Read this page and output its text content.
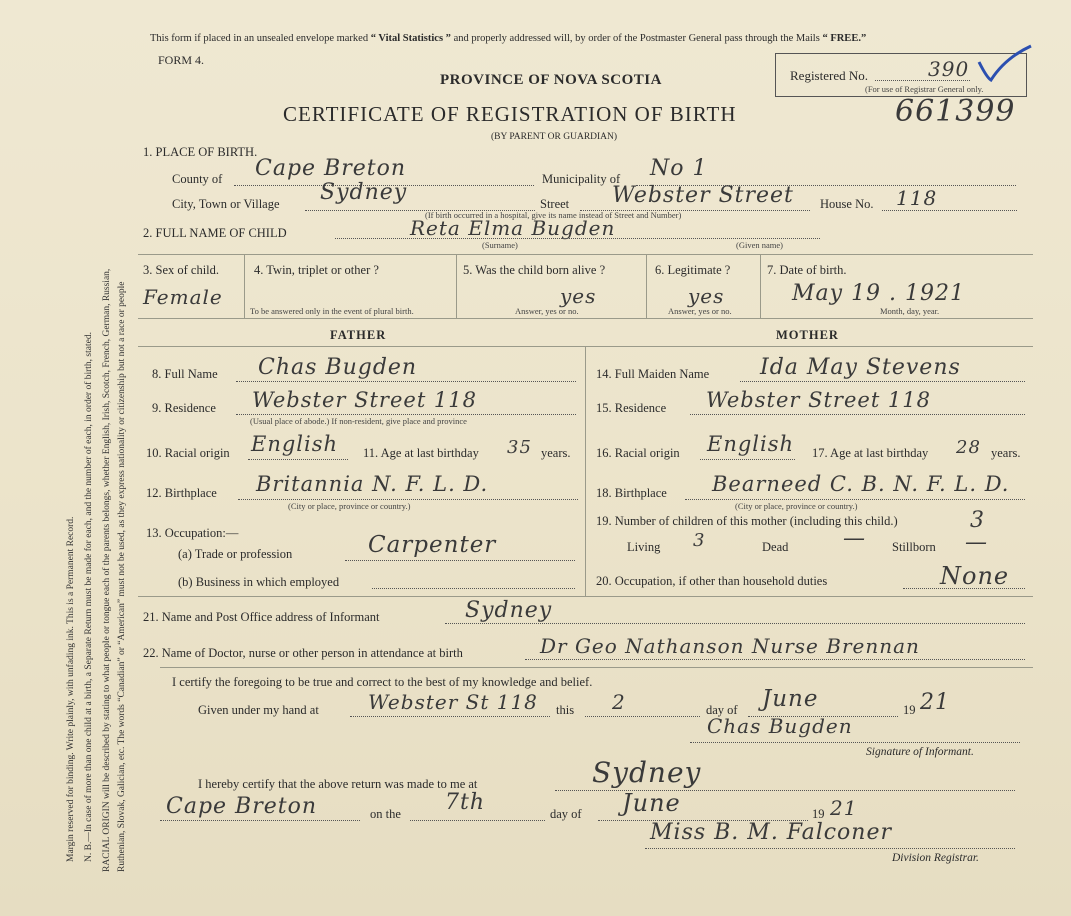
Margin reserved for binding. Write plainly, with unfading ink. This is a Permanent Record. N. B.—In case of more than one child at a birth, a Separate Return must be made for each, and the number of each, in order of birth, stated. RACIAL ORIGIN will be described by stating to what people or tongue each of the parents belongs, whether English, Irish, Scotch, French, German, Russian, Ruthenian, Slovak, Galician, etc. The words “Canadian” or “American” must not be used, as they express nationality or citizenship but not a race or people
This form if placed in an unsealed envelope marked “ Vital Statistics ” and properly addressed will, by order of the Postmaster General pass through the Mails “ FREE.”
FORM 4.
PROVINCE OF NOVA SCOTIA
CERTIFICATE OF REGISTRATION OF BIRTH	661399
(BY PARENT OR GUARDIAN)
Registered No.	390
(For use of Registrar General only.
1. PLACE OF BIRTH.
County of Cape Breton	Municipality of No 1
City, Town or Village Sydney	Street Webster Street House No. 118
(If birth occurred in a hospital, give its name instead of Street and Number)
2. FULL NAME OF CHILD	Reta Elma Bugden
(Surname)	(Given name)
3. Sex of child.
Female
4. Twin, triplet or other ?
To be answered only in the event of plural birth.
5. Was the child born alive ?
yes
Answer, yes or no.
6. Legitimate ?
yes
Answer, yes or no.
7. Date of birth.
May 19 . 1921
Month, day, year.
FATHER	MOTHER
8. Full Name Chas Bugden
9. Residence Webster Street 118
(Usual place of abode.) If non-resident, give place and province
10. Racial origin English 11. Age at last birthday 35 years.
12. Birthplace Britannia N. F. L. D.
(City or place, province or country.)
13. Occupation:—
(a) Trade or profession	Carpenter
(b) Business in which employed
14. Full Maiden Name Ida May Stevens
15. Residence Webster Street 118
16. Racial origin English 17. Age at last birthday 28 years.
18. Birthplace Bearneed C. B. N. F. L. D.
(City or place, province or country.)
19. Number of children of this mother (including this child.)	3
Living 3	Dead — Stillborn —
20. Occupation, if other than household duties	None
21. Name and Post Office address of Informant	Sydney
22. Name of Doctor, nurse or other person in attendance at birth	Dr Geo Nathanson Nurse Brennan
I certify the foregoing to be true and correct to the best of my knowledge and belief.
Given under my hand at Webster St 118 this 2	day of June	19 21
Chas Bugden
Signature of Informant.
I hereby certify that the above return was made to me at	Sydney
Cape Breton	on the 7th	day of June	19 21
Miss B. M. Falconer
Division Registrar.
